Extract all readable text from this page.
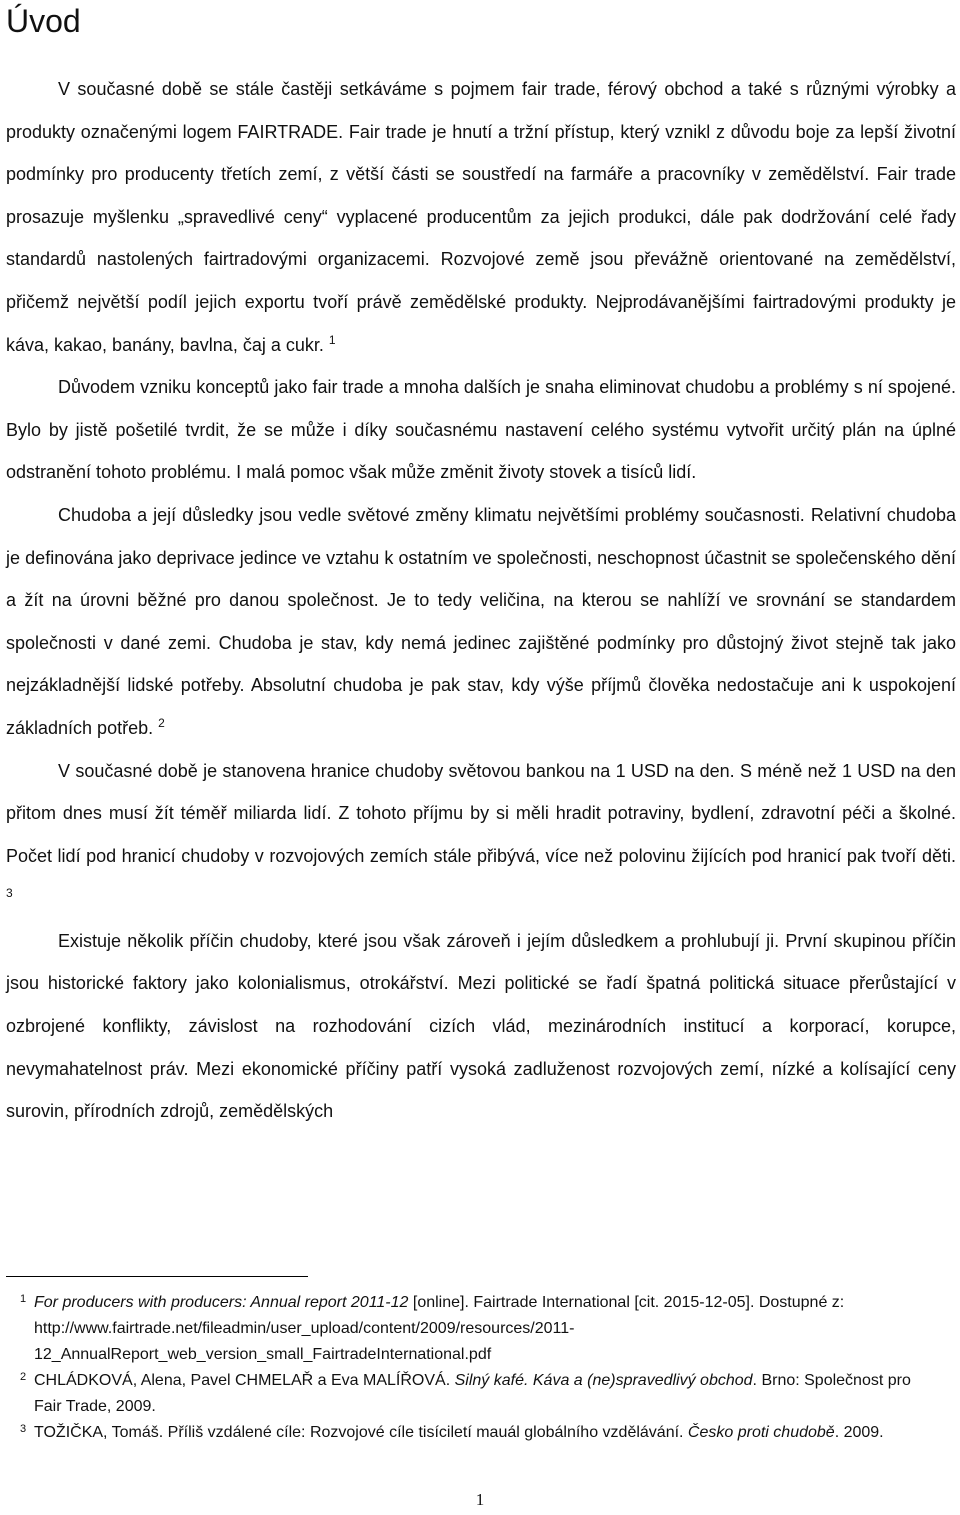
Úvod

V současné době se stále častěji setkáváme s pojmem fair trade, férový obchod a také s různými výrobky a produkty označenými logem FAIRTRADE. Fair trade je hnutí a tržní přístup, který vznikl z důvodu boje za lepší životní podmínky pro producenty třetích zemí, z větší části se soustředí na farmáře a pracovníky v zemědělství. Fair trade prosazuje myšlenku „spravedlivé ceny“ vyplacené producentům za jejich produkci, dále pak dodržování celé řady standardů nastolených fairtradovými organizacemi. Rozvojové země jsou převážně orientované na zemědělství, přičemž největší podíl jejich exportu tvoří právě zemědělské produkty. Nejprodávanějšími fairtradovými produkty je káva, kakao, banány, bavlna, čaj a cukr. $^1$

Důvodem vzniku konceptů jako fair trade a mnoha dalších je snaha eliminovat chudobu a problémy s ní spojené. Bylo by jistě pošetilé tvrdit, že se může i díky současnému nastavení celého systému vytvořit určitý plán na úplné odstranění tohoto problému. I malá pomoc však může změnit životy stovek a tisíců lidí.

Chudoba a její důsledky jsou vedle světové změny klimatu největšími problémy současnosti. Relativní chudoba je definována jako deprivace jedince ve vztahu k ostatním ve společnosti, neschopnost účastnit se společenského dění a žít na úrovni běžné pro danou společnost. Je to tedy veličina, na kterou se nahlíží ve srovnání se standardem společnosti v dané zemi. Chudoba je stav, kdy nemá jedinec zajištěné podmínky pro důstojný život stejně tak jako nejzákladnější lidské potřeby. Absolutní chudoba je pak stav, kdy výše příjmů člověka nedostačuje ani k uspokojení základních potřeb. $^2$

V současné době je stanovena hranice chudoby světovou bankou na 1 USD na den. S méně než 1 USD na den přitom dnes musí žít téměř miliarda lidí. Z tohoto příjmu by si měli hradit potraviny, bydlení, zdravotní péči a školné. Počet lidí pod hranicí chudoby v rozvojových zemích stále přibývá, více než polovinu žijících pod hranicí pak tvoří děti. $^3$

Existuje několik příčin chudoby, které jsou však zároveň i jejím důsledkem a prohlubují ji. První skupinou příčin jsou historické faktory jako kolonialismus, otrokářství. Mezi politické se řadí špatná politická situace přerůstající v ozbrojené konflikty, závislost na rozhodování cizích vlád, mezinárodních institucí a korporací, korupce, nevymahatelnost práv. Mezi ekonomické příčiny patří vysoká zadluženost rozvojových zemí, nízké a kolísající ceny surovin, přírodních zdrojů, zemědělských

1 For producers with producers: Annual report 2011-12 [online]. Fairtrade International [cit. 2015-12-05]. Dostupné z: http://www.fairtrade.net/fileadmin/user_upload/content/2009/resources/2011-12_AnnualReport_web_version_small_FairtradeInternational.pdf
2 CHLÁDKOVÁ, Alena, Pavel CHMELAŘ a Eva MALÍŘOVÁ. Silný kafé. Káva a (ne)spravedlivý obchod. Brno: Společnost pro Fair Trade, 2009.
3 TOŽIČKA, Tomáš. Příliš vzdálené cíle: Rozvojové cíle tisíciletí mauál globálního vzdělávání. Česko proti chudobě. 2009.
1
